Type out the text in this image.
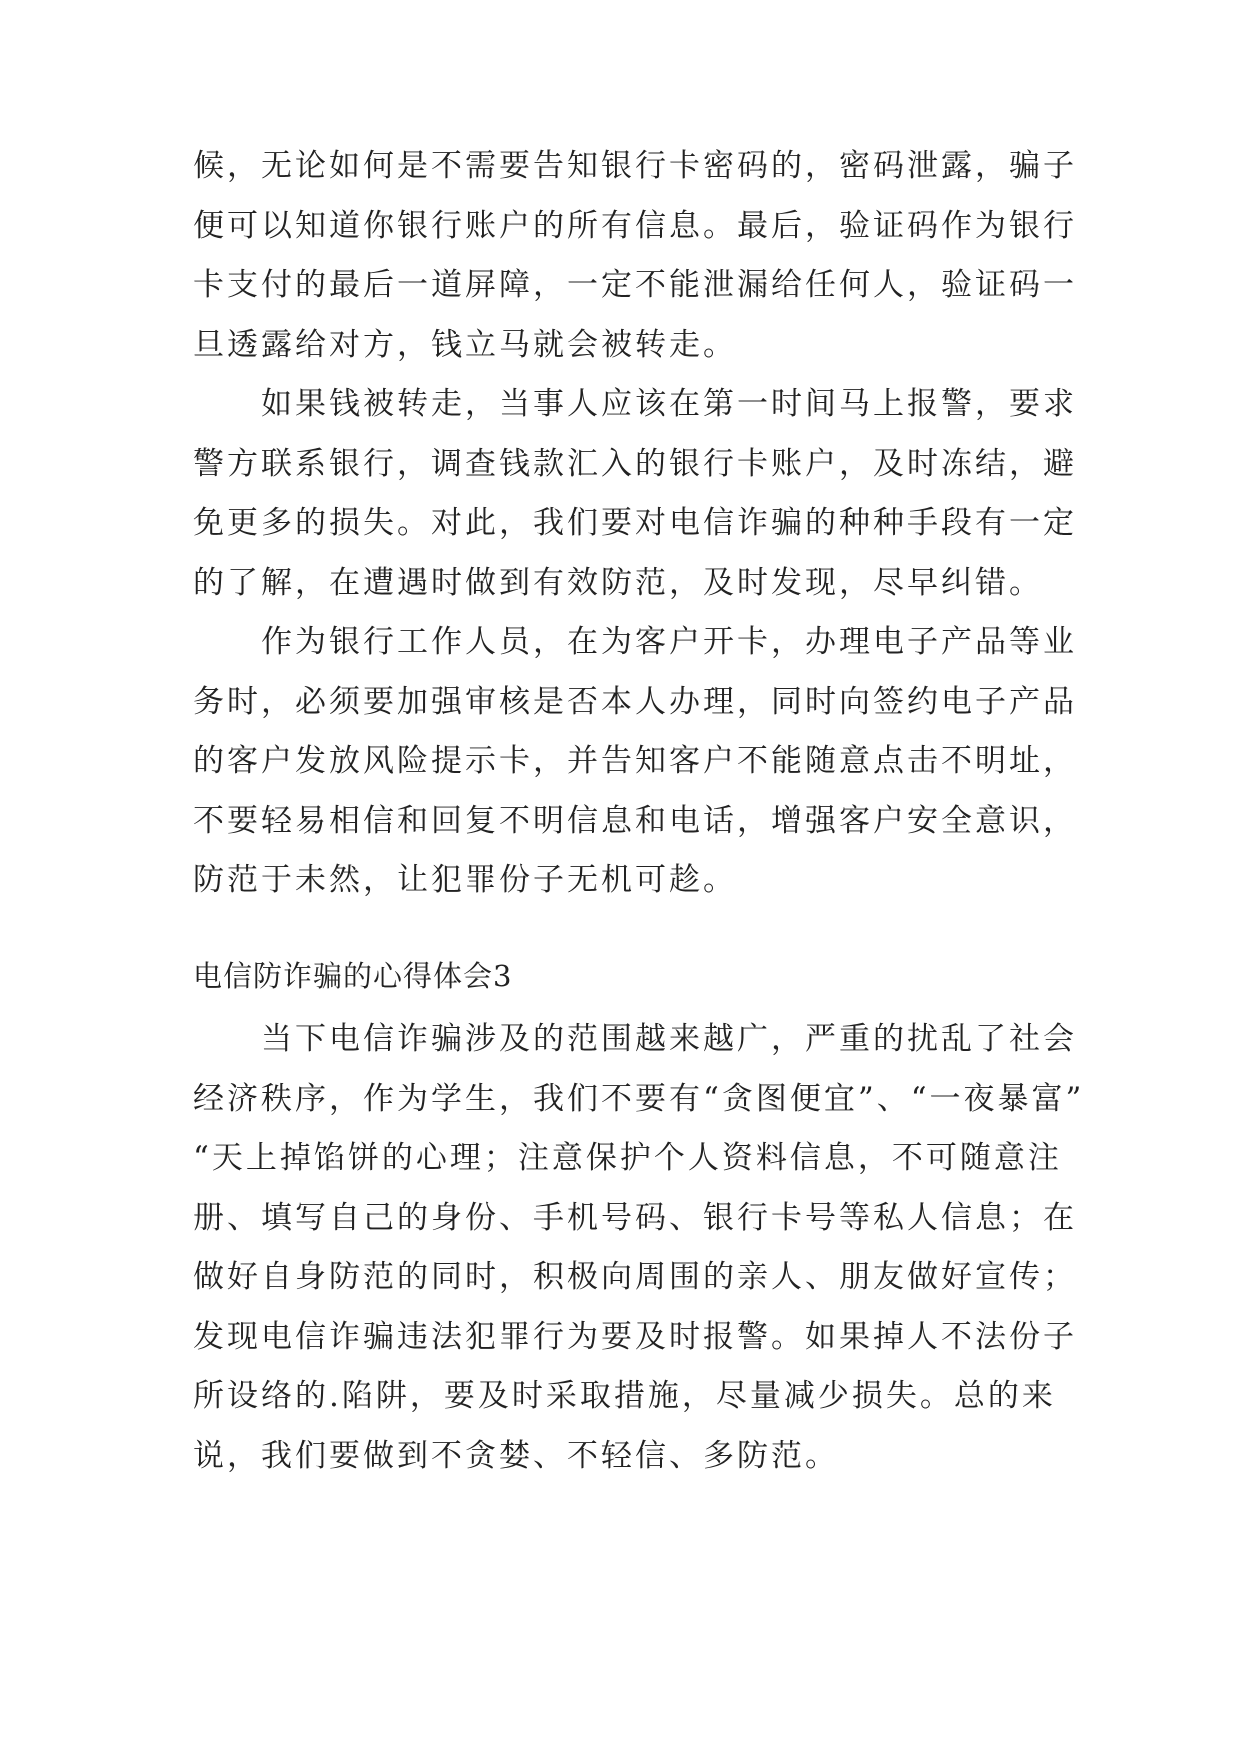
候，无论如何是不需要告知银行卡密码的，密码泄露，骗子
便可以知道你银行账户的所有信息。最后，验证码作为银行
卡支付的最后一道屏障，一定不能泄漏给任何人，验证码一
旦透露给对方，钱立马就会被转走。
　　如果钱被转走，当事人应该在第一时间马上报警，要求
警方联系银行，调查钱款汇入的银行卡账户，及时冻结，避
免更多的损失。对此，我们要对电信诈骗的种种手段有一定
的了解，在遭遇时做到有效防范，及时发现，尽早纠错。
　　作为银行工作人员，在为客户开卡，办理电子产品等业
务时，必须要加强审核是否本人办理，同时向签约电子产品
的客户发放风险提示卡，并告知客户不能随意点击不明址，
不要轻易相信和回复不明信息和电话，增强客户安全意识，
防范于未然，让犯罪份子无机可趁。
电信防诈骗的心得体会3
　　当下电信诈骗涉及的范围越来越广，严重的扰乱了社会
经济秩序，作为学生，我们不要有“贪图便宜”、“一夜暴富”
“天上掉馅饼的心理；注意保护个人资料信息，不可随意注
册、填写自己的身份、手机号码、银行卡号等私人信息；在
做好自身防范的同时，积极向周围的亲人、朋友做好宣传；
发现电信诈骗违法犯罪行为要及时报警。如果掉人不法份子
所设络的.陷阱，要及时采取措施，尽量减少损失。总的来
说，我们要做到不贪婪、不轻信、多防范。
